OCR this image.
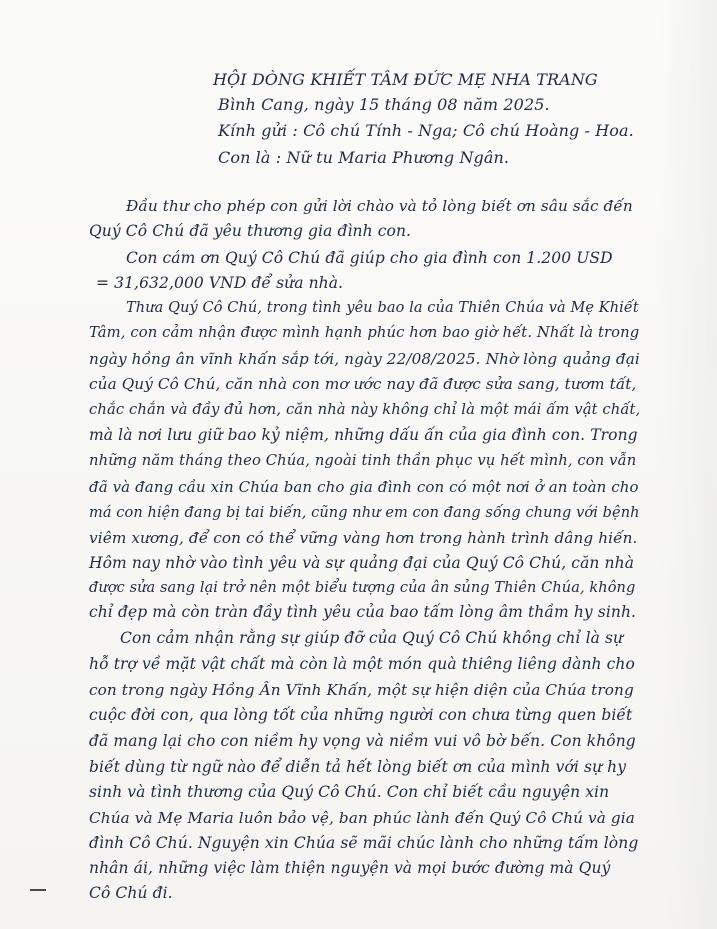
HỘI DÒNG KHIẾT TÂM ĐỨC MẸ NHA TRANG
Bình Cang, ngày 15 tháng 08 năm 2025.
Kính gửi : Cô chú Tính - Nga; Cô chú Hoàng - Hoa.
Con là : Nữ tu Maria Phương Ngân.
Đầu thư cho phép con gửi lời chào và tỏ lòng biết ơn sâu sắc đến
Quý Cô Chú đã yêu thương gia đình con.
Con cám ơn Quý Cô Chú đã giúp cho gia đình con 1.200 USD
= 31,632,000 VND để sửa nhà.
Thưa Quý Cô Chú, trong tình yêu bao la của Thiên Chúa và Mẹ Khiết
Tâm, con cảm nhận được mình hạnh phúc hơn bao giờ hết. Nhất là trong
ngày hồng ân vĩnh khấn sắp tới, ngày 22/08/2025. Nhờ lòng quảng đại
của Quý Cô Chú, căn nhà con mơ ước nay đã được sửa sang, tươm tất,
chắc chắn và đầy đủ hơn, căn nhà này không chỉ là một mái ấm vật chất,
mà là nơi lưu giữ bao kỷ niệm, những dấu ấn của gia đình con. Trong
những năm tháng theo Chúa, ngoài tinh thần phục vụ hết mình, con vẫn
đã và đang cầu xin Chúa ban cho gia đình con có một nơi ở an toàn cho
má con hiện đang bị tai biến, cũng như em con đang sống chung với bệnh
viêm xương, để con có thể vững vàng hơn trong hành trình dâng hiến.
Hôm nay nhờ vào tình yêu và sự quảng đại của Quý Cô Chú, căn nhà
được sửa sang lại trở nên một biểu tượng của ân sủng Thiên Chúa, không
chỉ đẹp mà còn tràn đầy tình yêu của bao tấm lòng âm thầm hy sinh.
Con cảm nhận rằng sự giúp đỡ của Quý Cô Chú không chỉ là sự
hỗ trợ về mặt vật chất mà còn là một món quà thiêng liêng dành cho
con trong ngày Hồng Ân Vĩnh Khấn, một sự hiện diện của Chúa trong
cuộc đời con, qua lòng tốt của những người con chưa từng quen biết
đã mang lại cho con niềm hy vọng và niềm vui vô bờ bến. Con không
biết dùng từ ngữ nào để diễn tả hết lòng biết ơn của mình với sự hy
sinh và tình thương của Quý Cô Chú. Con chỉ biết cầu nguyện xin
Chúa và Mẹ Maria luôn bảo vệ, ban phúc lành đến Quý Cô Chú và gia
đình Cô Chú. Nguyện xin Chúa sẽ mãi chúc lành cho những tấm lòng
nhân ái, những việc làm thiện nguyện và mọi bước đường mà Quý
Cô Chú đi.
